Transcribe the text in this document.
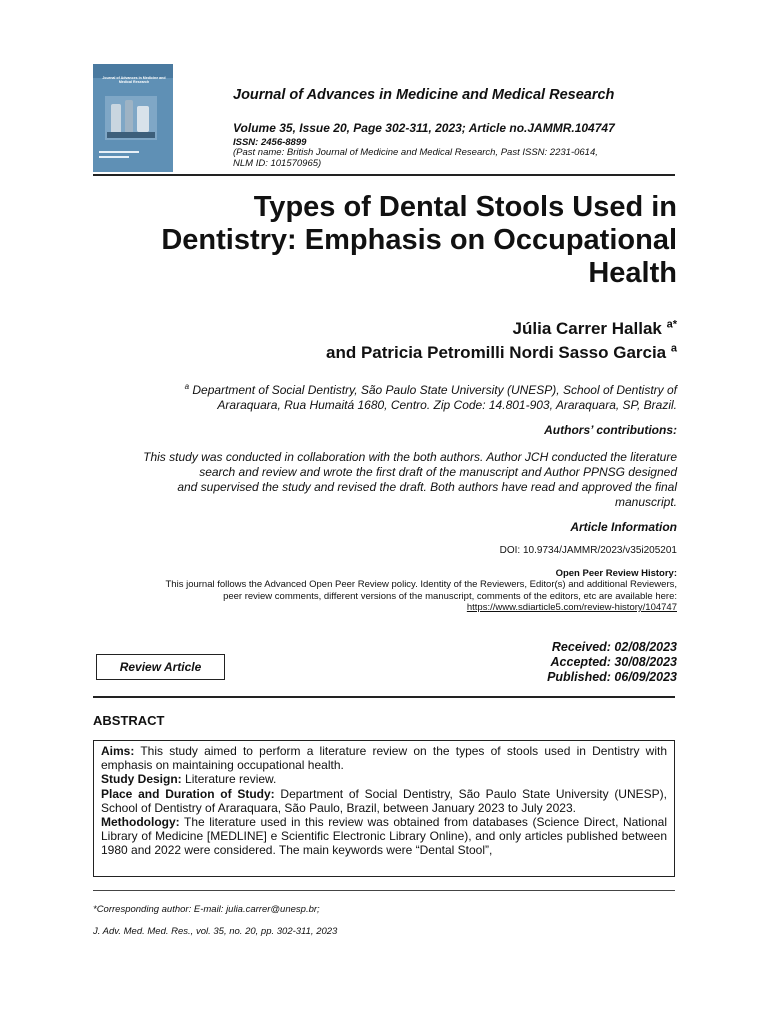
Journal of Advances in Medicine and Medical Research
Journal of Advances in Medicine and Medical Research
Volume 35, Issue 20, Page 302-311, 2023; Article no.JAMMR.104747
ISSN: 2456-8899
(Past name: British Journal of Medicine and Medical Research, Past ISSN: 2231-0614,
NLM ID: 101570965)
Types of Dental Stools Used in
Dentistry: Emphasis on Occupational
Health
Júlia Carrer Hallak $^{a*}$
and Patricia Petromilli Nordi Sasso Garcia $^a$
$^a$ Department of Social Dentistry, São Paulo State University (UNESP), School of Dentistry of
Araraquara, Rua Humaitá 1680, Centro. Zip Code: 14.801-903, Araraquara, SP, Brazil.
Authors’ contributions:
This study was conducted in collaboration with the both authors. Author JCH conducted the literature
search and review and wrote the first draft of the manuscript and Author PPNSG designed
and supervised the study and revised the draft. Both authors have read and approved the final
manuscript.
Article Information
DOI: 10.9734/JAMMR/2023/v35i205201
Open Peer Review History:
This journal follows the Advanced Open Peer Review policy. Identity of the Reviewers, Editor(s) and additional Reviewers,
peer review comments, different versions of the manuscript, comments of the editors, etc are available here:
https://www.sdiarticle5.com/review-history/104747
Review Article
Received: 02/08/2023
Accepted: 30/08/2023
Published: 06/09/2023
ABSTRACT
Aims: This study aimed to perform a literature review on the types of stools used in Dentistry with emphasis on maintaining occupational health.
Study Design: Literature review.
Place and Duration of Study: Department of Social Dentistry, São Paulo State University (UNESP), School of Dentistry of Araraquara, São Paulo, Brazil, between January 2023 to July 2023.
Methodology: The literature used in this review was obtained from databases (Science Direct, National Library of Medicine [MEDLINE] e Scientific Electronic Library Online), and only articles published between 1980 and 2022 were considered. The main keywords were “Dental Stool”,
*Corresponding author: E-mail: julia.carrer@unesp.br;
J. Adv. Med. Med. Res., vol. 35, no. 20, pp. 302-311, 2023
